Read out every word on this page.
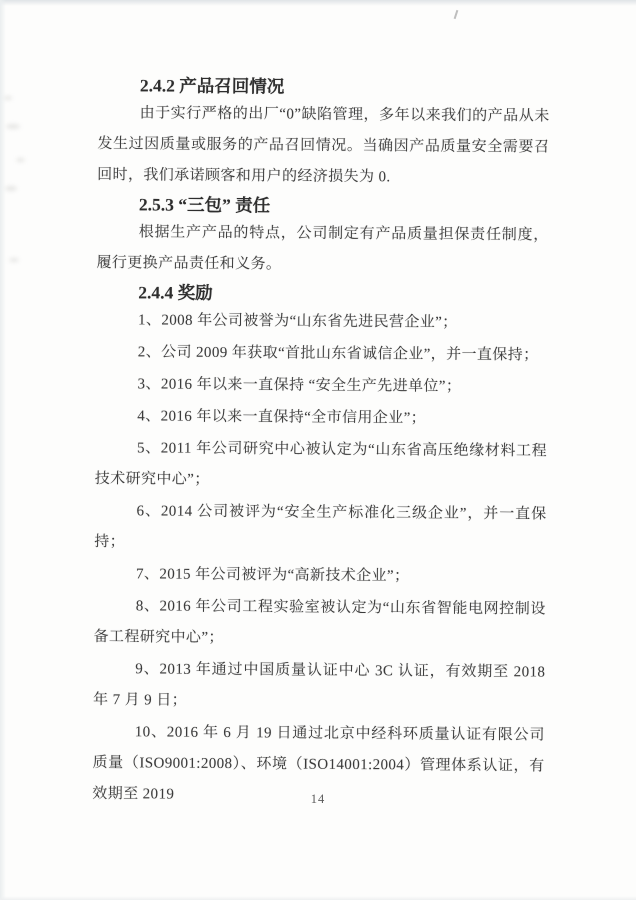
2.4.2 产品召回情况

由于实行严格的出厂“0”缺陷管理，多年以来我们的产品从未发生过因质量或服务的产品召回情况。当确因产品质量安全需要召回时，我们承诺顾客和用户的经济损失为 0.

2.5.3 “三包” 责任

根据生产产品的特点，公司制定有产品质量担保责任制度，履行更换产品责任和义务。

2.4.4 奖励

1、2008 年公司被誉为“山东省先进民营企业”；

2、公司 2009 年获取“首批山东省诚信企业”，并一直保持；

3、2016 年以来一直保持 “安全生产先进单位”；

4、2016 年以来一直保持“全市信用企业”；

5、2011 年公司研究中心被认定为“山东省高压绝缘材料工程技术研究中心”；

6、2014 公司被评为“安全生产标准化三级企业”，并一直保持；

7、2015 年公司被评为“高新技术企业”；

8、2016 年公司工程实验室被认定为“山东省智能电网控制设备工程研究中心”；

9、2013 年通过中国质量认证中心 3C 认证，有效期至 2018 年 7 月 9 日；

10、2016 年 6 月 19 日通过北京中经科环质量认证有限公司质量（ISO9001:2008）、环境（ISO14001:2004）管理体系认证，有效期至 2019	14
